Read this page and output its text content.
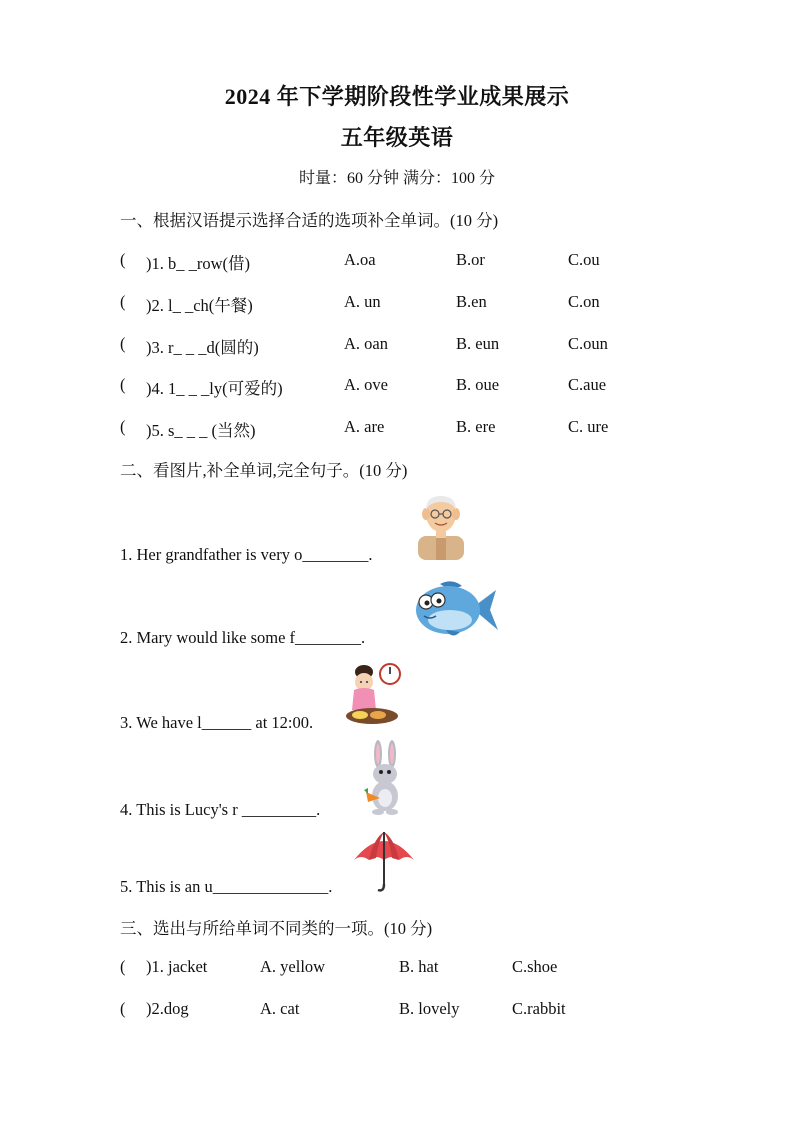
2024 年下学期阶段性学业成果展示
五年级英语
时量：60 分钟 满分：100 分
一、根据汉语提示选择合适的选项补全单词。(10 分)
( )1. b_ _row(借)	A.oa	B.or	C.ou
( )2. l_ _ch(午餐)	A. un	B.en	C.on
( )3. r_ _ _d(圆的)	A. oan	B. eun	C.oun
( )4. 1_ _ _ly(可爱的)	A. ove	B. oue	C.aue
( )5. s_ _ _ (当然)	A. are	B. ere	C. ure
二、看图片,补全单词,完全句子。(10 分)
1. Her grandfather is very o________.
2. Mary would like some f________.
3. We have l______ at 12:00.
4. This is Lucy's r _________.
5. This is an u______________.
三、选出与所给单词不同类的一项。(10 分)
( )1. jacket	A. yellow	B. hat	C.shoe
( )2.dog	A. cat	B. lovely	C.rabbit
